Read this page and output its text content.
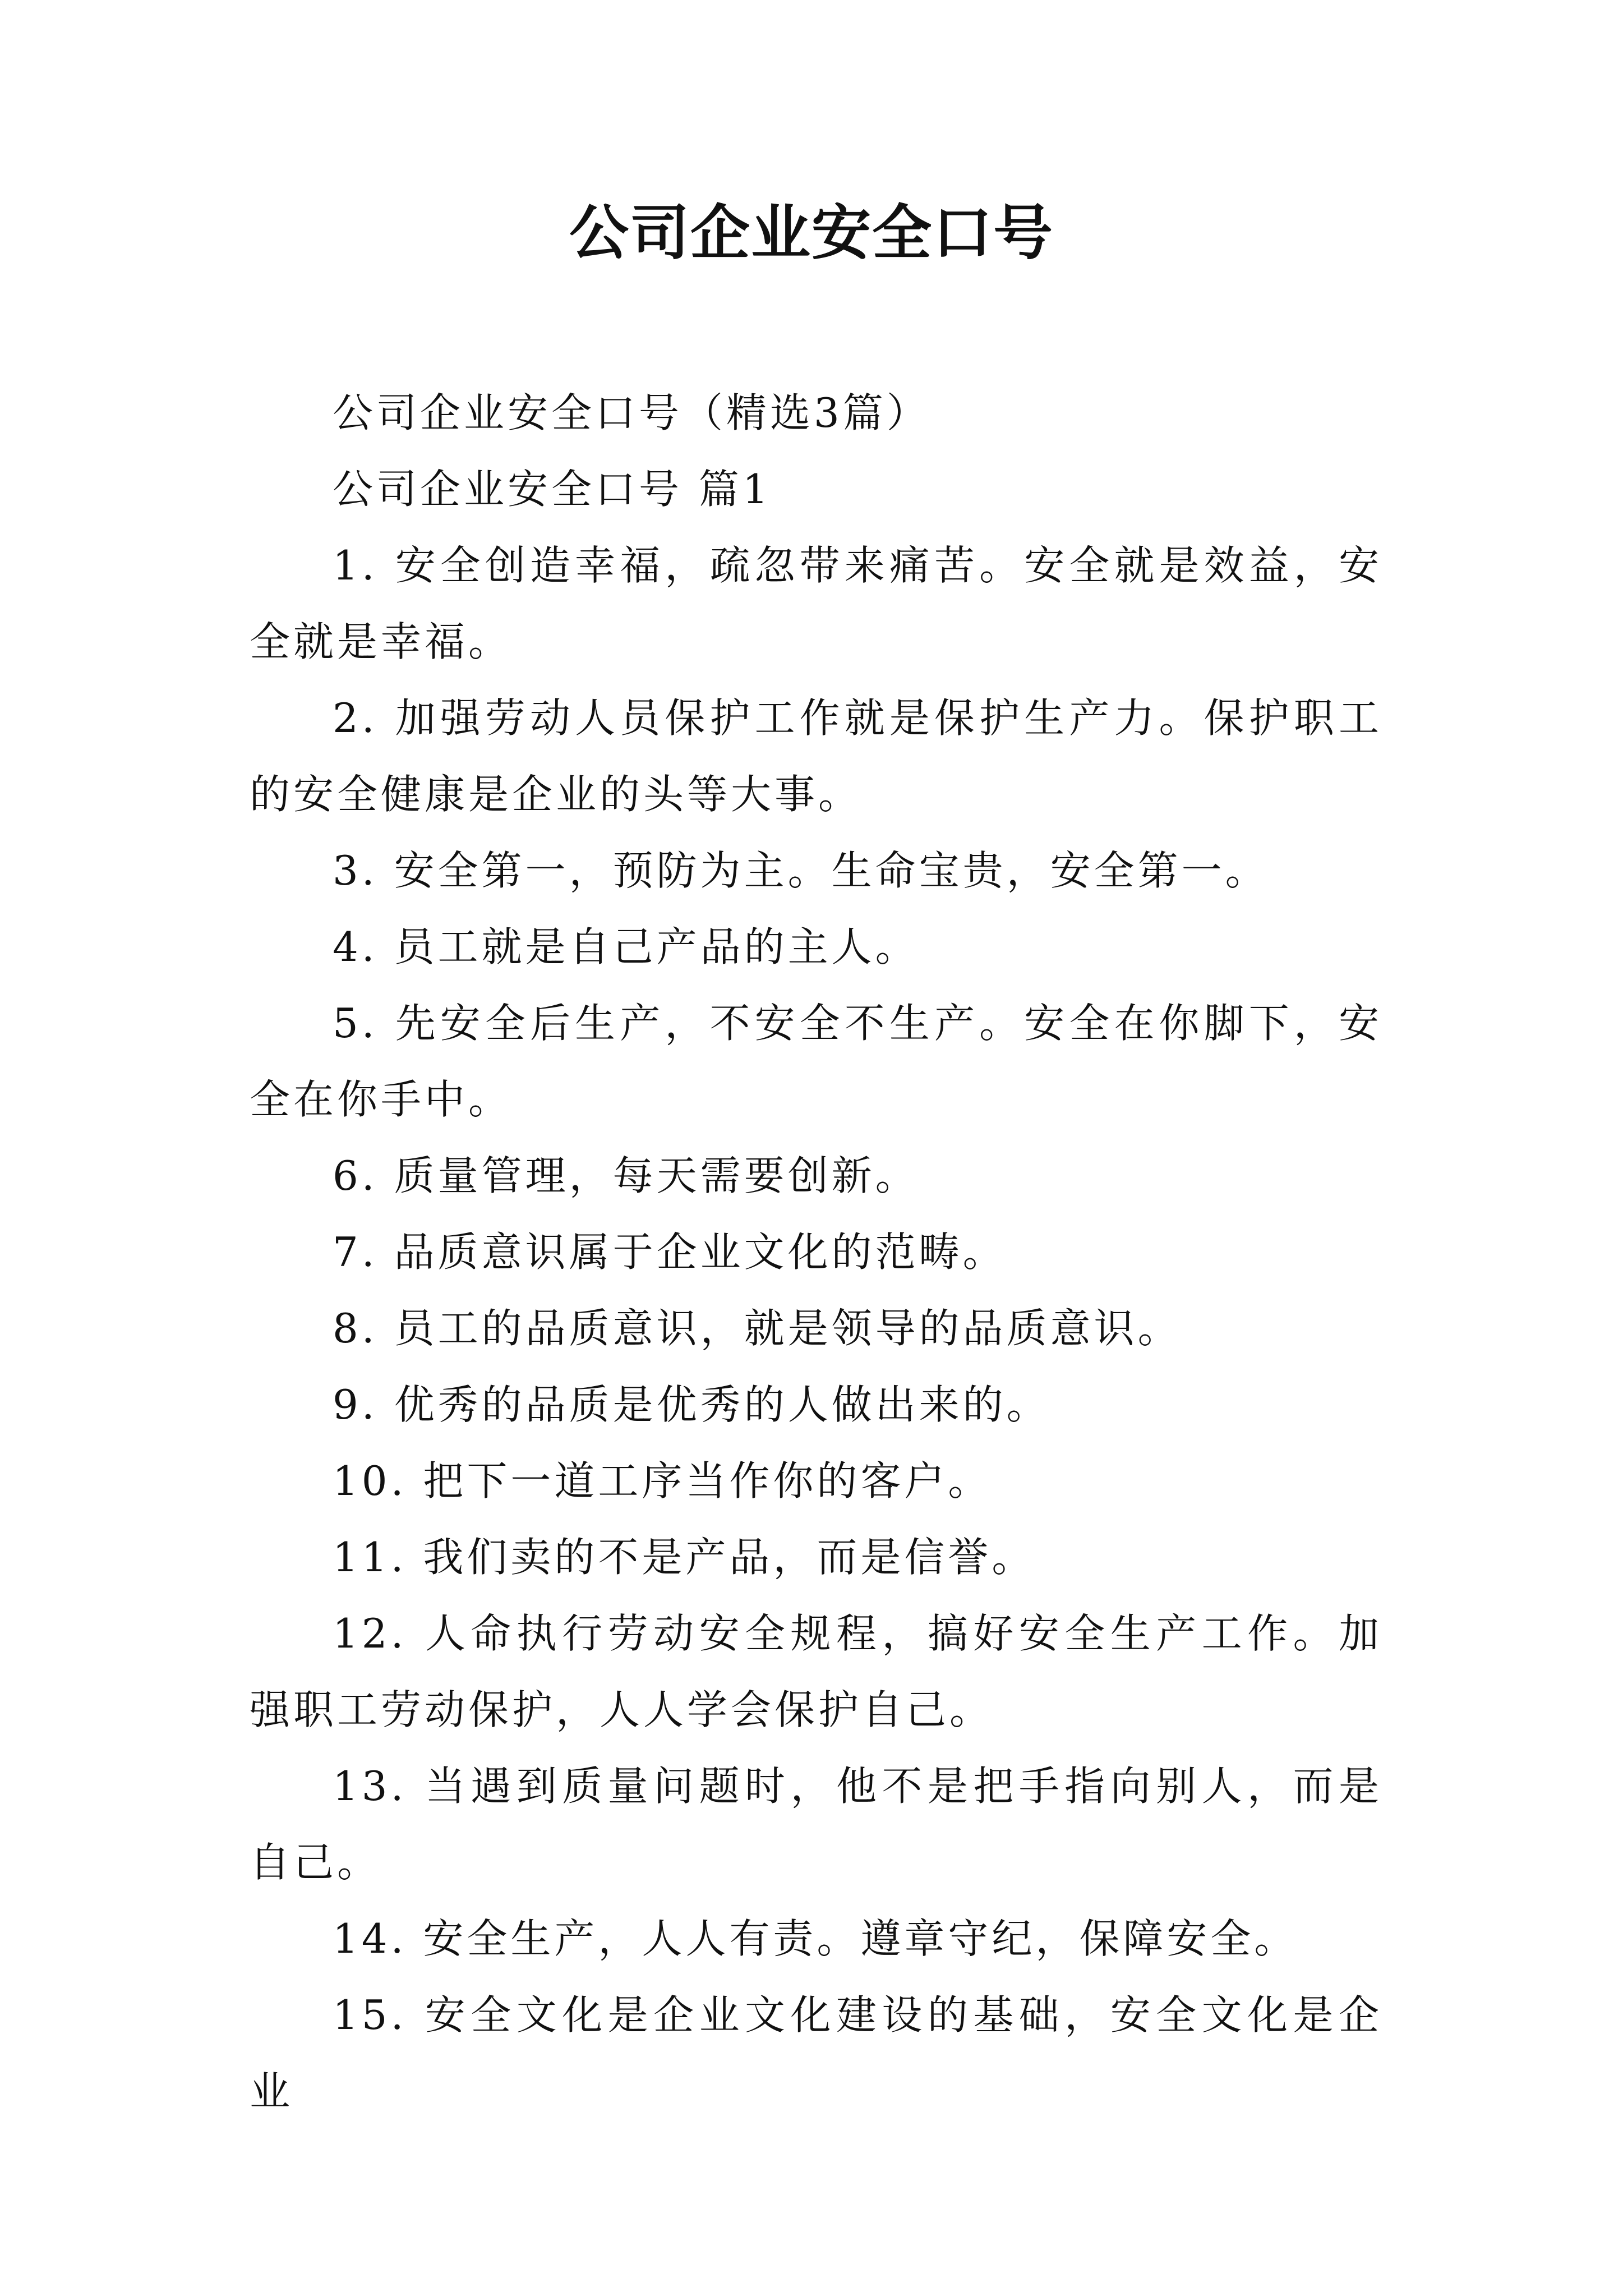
公司企业安全口号

公司企业安全口号（精选3篇）

公司企业安全口号 篇1

1. 安全创造幸福，疏忽带来痛苦。安全就是效益，安全就是幸福。

2. 加强劳动人员保护工作就是保护生产力。保护职工的安全健康是企业的头等大事。

3. 安全第一，预防为主。生命宝贵，安全第一。

4. 员工就是自己产品的主人。

5. 先安全后生产，不安全不生产。安全在你脚下，安全在你手中。

6. 质量管理，每天需要创新。

7. 品质意识属于企业文化的范畴。

8. 员工的品质意识，就是领导的品质意识。

9. 优秀的品质是优秀的人做出来的。

10. 把下一道工序当作你的客户。

11. 我们卖的不是产品，而是信誉。

12. 人命执行劳动安全规程，搞好安全生产工作。加强职工劳动保护，人人学会保护自己。

13. 当遇到质量问题时，他不是把手指向别人，而是自己。

14. 安全生产，人人有责。遵章守纪，保障安全。

15. 安全文化是企业文化建设的基础，安全文化是企业
